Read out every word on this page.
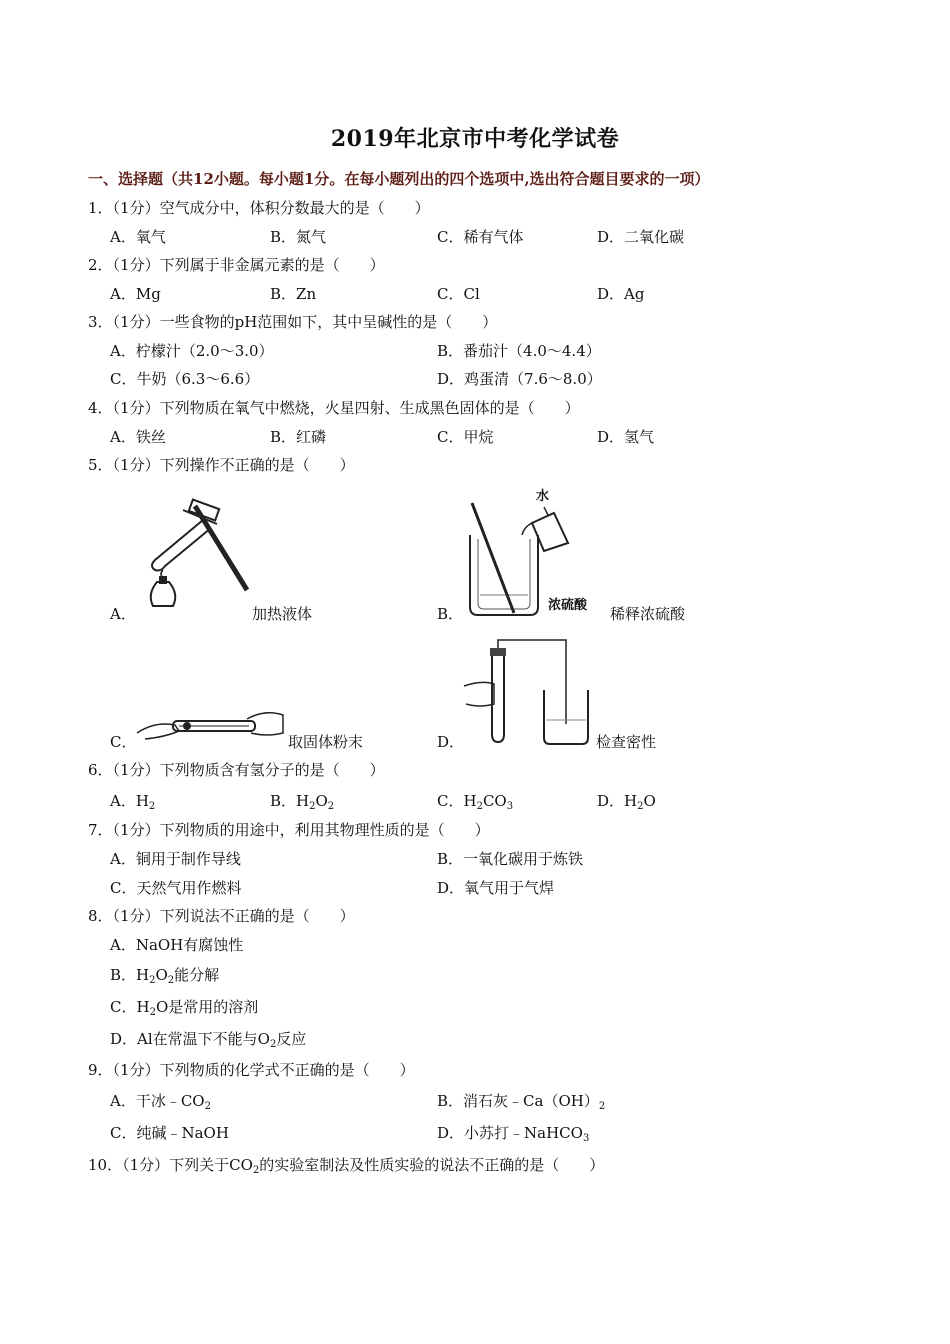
2019年北京市中考化学试卷
一、选择题（共12小题。每小题1分。在每小题列出的四个选项中,选出符合题目要求的一项）
1．（1分）空气成分中，体积分数最大的是（　　）
A．氧气	B．氮气	C．稀有气体	D．二氧化碳
2．（1分）下列属于非金属元素的是（　　）
A．Mg	B．Zn	C．Cl	D．Ag
3．（1分）一些食物的pH范围如下，其中呈碱性的是（　　）
A．柠檬汁（2.0～3.0）	B．番茄汁（4.0～4.4）
C．牛奶（6.3～6.6）	D．鸡蛋清（7.6～8.0）
4．（1分）下列物质在氧气中燃烧，火星四射、生成黑色固体的是（　　）
A．铁丝	B．红磷	C．甲烷	D．氢气
5．（1分）下列操作不正确的是（　　）
A．	加热液体
水
浓硫酸
B．	稀释浓硫酸
C．	取固体粉末	D．	检查密性
6．（1分）下列物质含有氢分子的是（　　）
A．$H_2$	B．$H_2O_2$	C．$H_2CO_3$	D．$H_2O$
7．（1分）下列物质的用途中，利用其物理性质的是（　　）
A．铜用于制作导线	B．一氧化碳用于炼铁
C．天然气用作燃料	D．氧气用于气焊
8．（1分）下列说法不正确的是（　　）
A．NaOH有腐蚀性
B．$H_2O_2$能分解
C．$H_2O$是常用的溶剂
D．Al在常温下不能与$O_2$反应
9．（1分）下列物质的化学式不正确的是（　　）
A．干冰$﹣CO_2$	B．消石灰$﹣Ca(OH)_2$
C．纯碱﹣NaOH	D．小苏打﹣NaHCO$_3$
10．（1分）下列关于$CO_2$的实验室制法及性质实验的说法不正确的是（　　）
